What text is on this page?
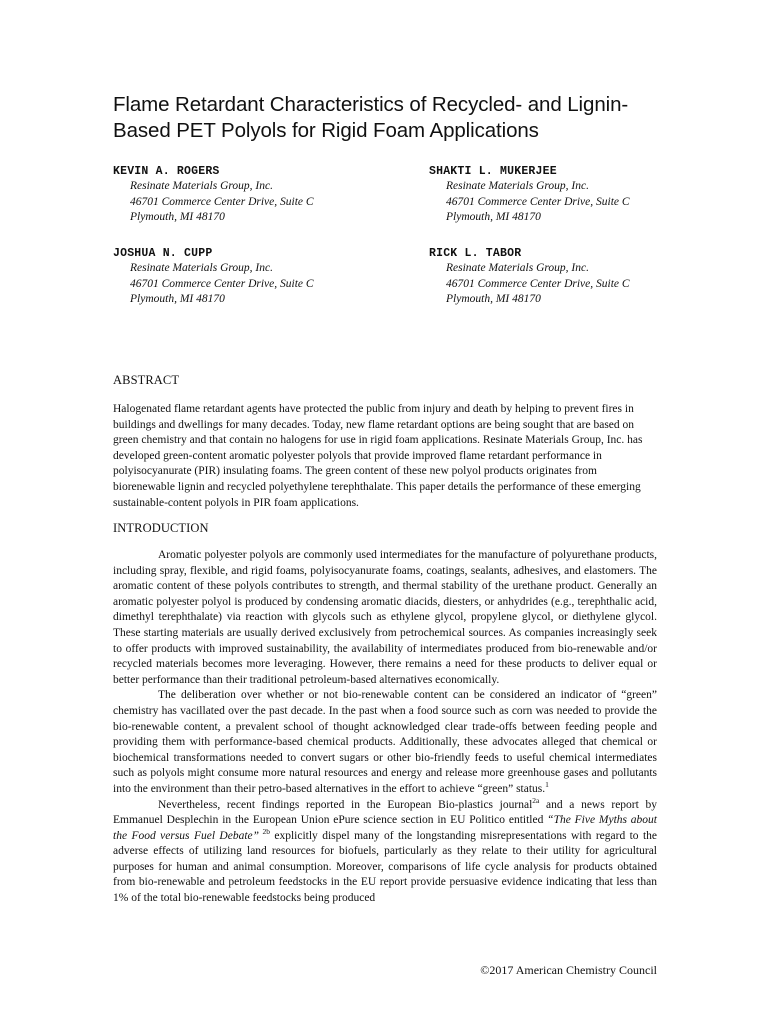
Flame Retardant Characteristics of Recycled- and Lignin-Based PET Polyols for Rigid Foam Applications
KEVIN A. ROGERS
Resinate Materials Group, Inc.
46701 Commerce Center Drive, Suite C
Plymouth, MI 48170
SHAKTI L. MUKERJEE
Resinate Materials Group, Inc.
46701 Commerce Center Drive, Suite C
Plymouth, MI 48170
JOSHUA N. CUPP
Resinate Materials Group, Inc.
46701 Commerce Center Drive, Suite C
Plymouth, MI 48170
RICK L. TABOR
Resinate Materials Group, Inc.
46701 Commerce Center Drive, Suite C
Plymouth, MI 48170
ABSTRACT

Halogenated flame retardant agents have protected the public from injury and death by helping to prevent fires in buildings and dwellings for many decades. Today, new flame retardant options are being sought that are based on green chemistry and that contain no halogens for use in rigid foam applications. Resinate Materials Group, Inc. has developed green-content aromatic polyester polyols that provide improved flame retardant performance in polyisocyanurate (PIR) insulating foams. The green content of these new polyol products originates from biorenewable lignin and recycled polyethylene terephthalate. This paper details the performance of these emerging sustainable-content polyols in PIR foam applications.

INTRODUCTION

Aromatic polyester polyols are commonly used intermediates for the manufacture of polyurethane products, including spray, flexible, and rigid foams, polyisocyanurate foams, coatings, sealants, adhesives, and elastomers. The aromatic content of these polyols contributes to strength, and thermal stability of the urethane product. Generally an aromatic polyester polyol is produced by condensing aromatic diacids, diesters, or anhydrides (e.g., terephthalic acid, dimethyl terephthalate) via reaction with glycols such as ethylene glycol, propylene glycol, or diethylene glycol. These starting materials are usually derived exclusively from petrochemical sources. As companies increasingly seek to offer products with improved sustainability, the availability of intermediates produced from bio-renewable and/or recycled materials becomes more leveraging. However, there remains a need for these products to deliver equal or better performance than their traditional petroleum-based alternatives economically.

The deliberation over whether or not bio-renewable content can be considered an indicator of “green” chemistry has vacillated over the past decade. In the past when a food source such as corn was needed to provide the bio-renewable content, a prevalent school of thought acknowledged clear trade-offs between feeding people and providing them with performance-based chemical products. Additionally, these advocates alleged that chemical or biochemical transformations needed to convert sugars or other bio-friendly feeds to useful chemical intermediates such as polyols might consume more natural resources and energy and release more greenhouse gases and pollutants into the environment than their petro-based alternatives in the effort to achieve “green” status.$^1$

Nevertheless, recent findings reported in the European Bio-plastics journal$^{2a}$ and a news report by Emmanuel Desplechin in the European Union ePure science section in EU Politico entitled “The Five Myths about the Food versus Fuel Debate” $^{2b}$ explicitly dispel many of the longstanding misrepresentations with regard to the adverse effects of utilizing land resources for biofuels, particularly as they relate to their utility for agricultural purposes for human and animal consumption. Moreover, comparisons of life cycle analysis for products obtained from bio-renewable and petroleum feedstocks in the EU report provide persuasive evidence indicating that less than 1% of the total bio-renewable feedstocks being produced

©2017 American Chemistry Council
